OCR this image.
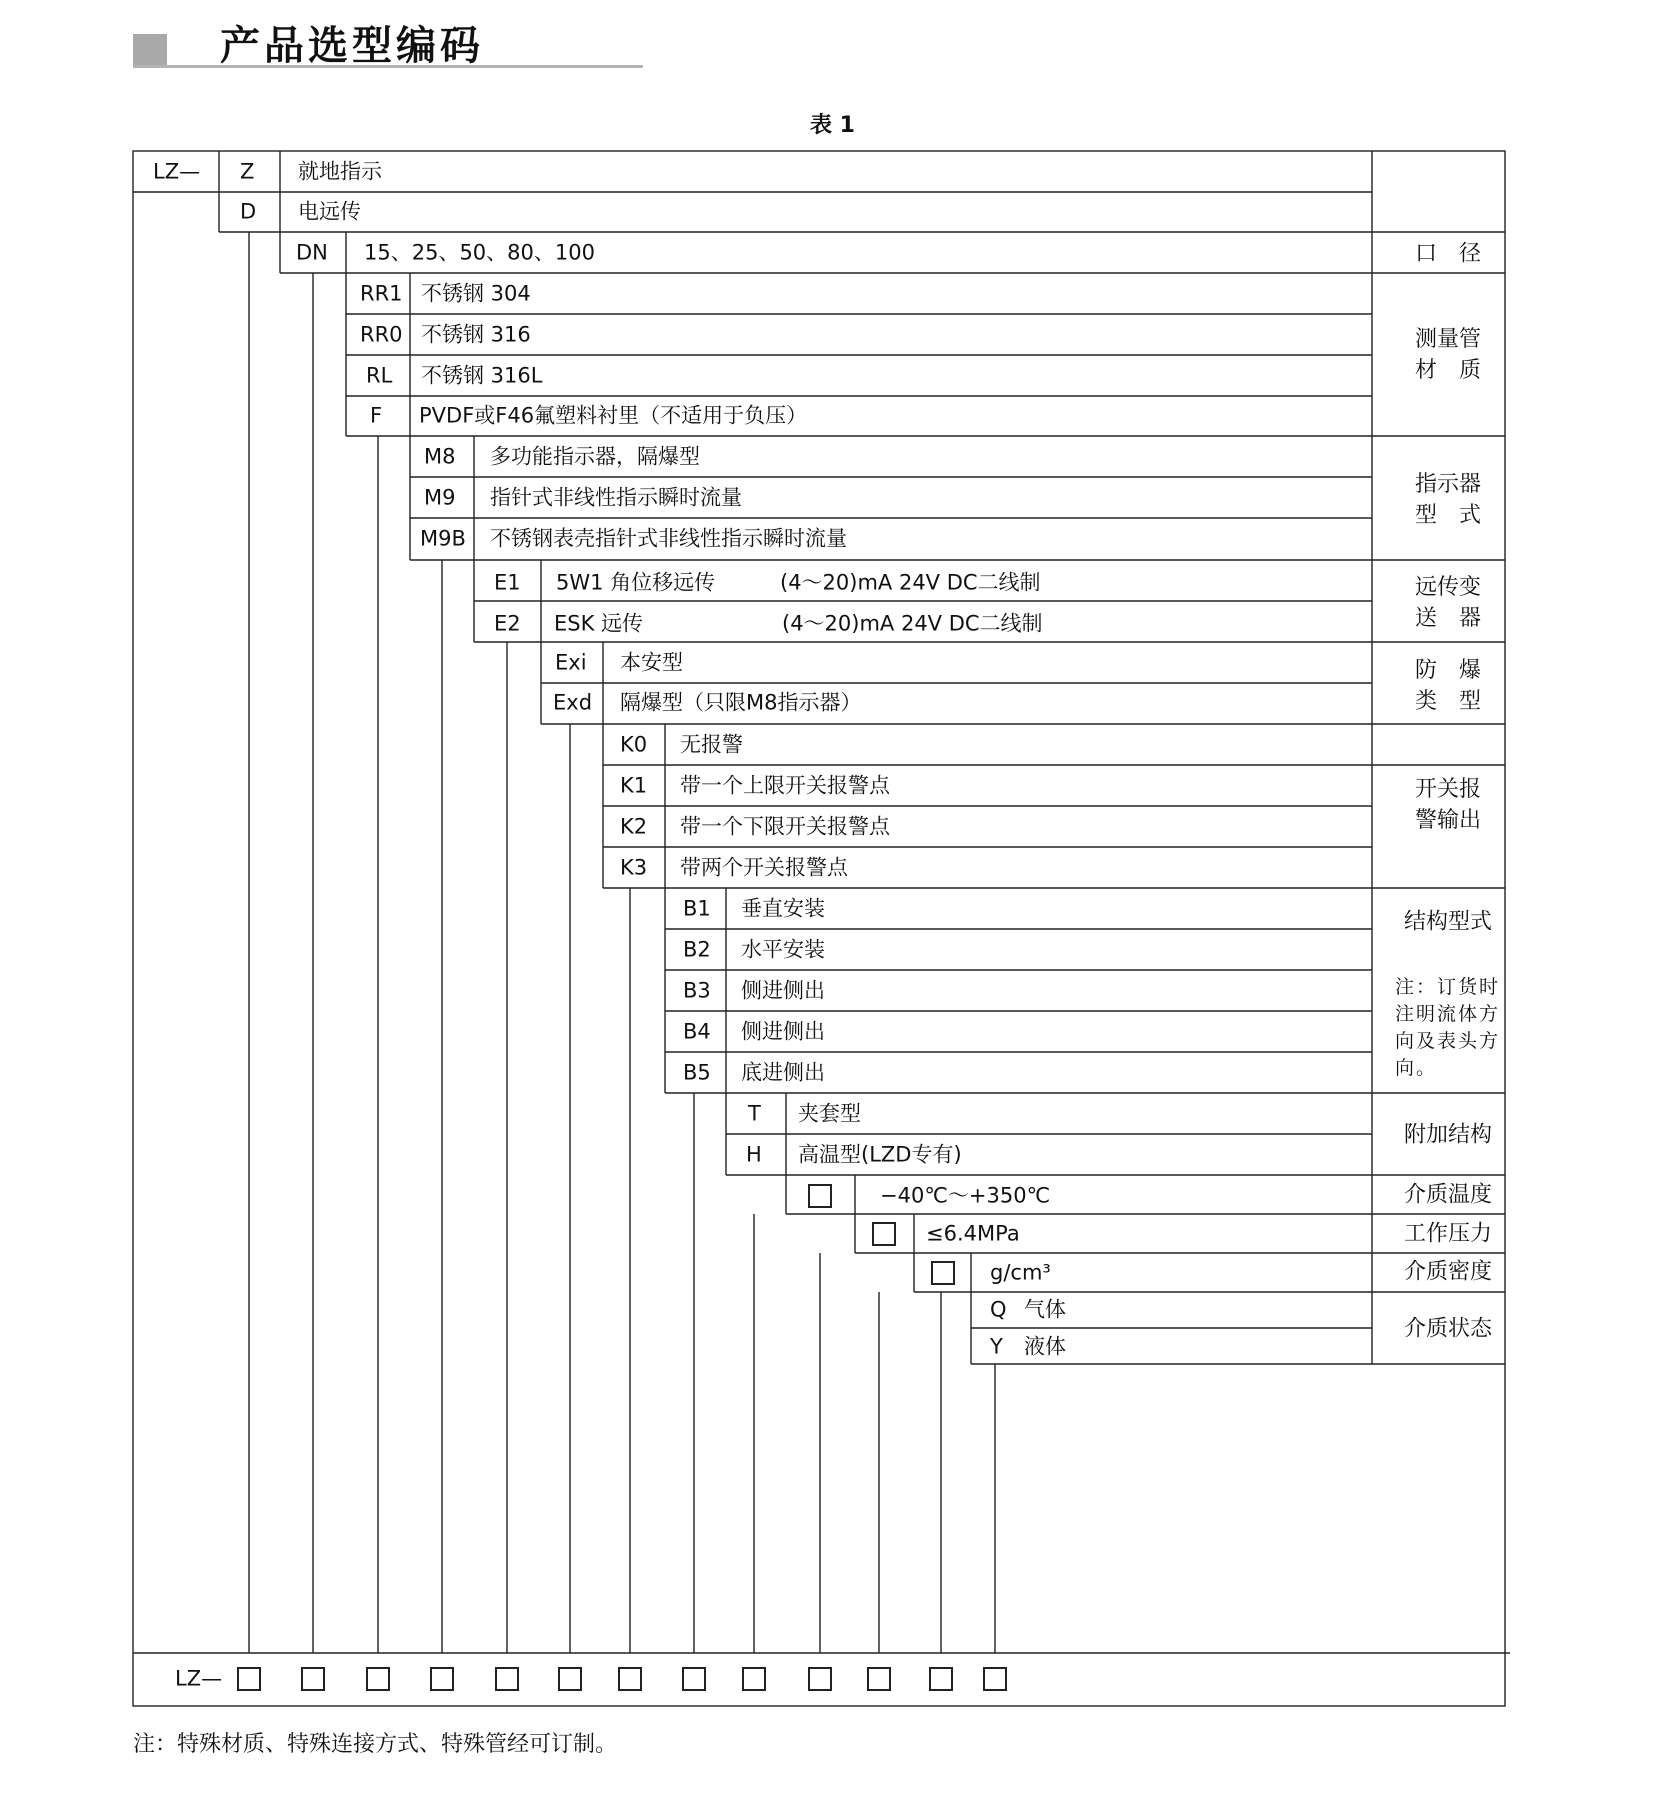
产品选型编码
表 1
LZ— Z 就地指示
D 电远传
DN 15、25、50、80、100
RR1 不锈钢 304
RR0 不锈钢 316
RL 不锈钢 316L
F PVDF或F46氟塑料衬里（不适用于负压）
M8 多功能指示器，隔爆型
M9 指针式非线性指示瞬时流量
M9B 不锈钢表壳指针式非线性指示瞬时流量
E1 5W1 角位移远传	(4～20)mA 24V DC二线制
E2 ESK 远传	(4～20)mA 24V DC二线制
Exi 本安型
Exd 隔爆型（只限M8指示器）
K0 无报警
K1 带一个上限开关报警点
K2 带一个下限开关报警点
K3 带两个开关报警点
B1 垂直安装
B2 水平安装
B3 侧进侧出
B4 侧进侧出
B5 底进侧出
T 夹套型
H 高温型(LZD专有)
−40℃～+350℃
≤6.4MPa
g/cm³
Q 气体
Y 液体
口　径
测量管
材　质
指示器
型　式
远传变
送　器
防　爆
类　型
开关报
警输出
结构型式
注：订货时注明流体方向及表头方向。
附加结构
介质温度
工作压力
介质密度
介质状态
LZ—
注：特殊材质、特殊连接方式、特殊管经可订制。
